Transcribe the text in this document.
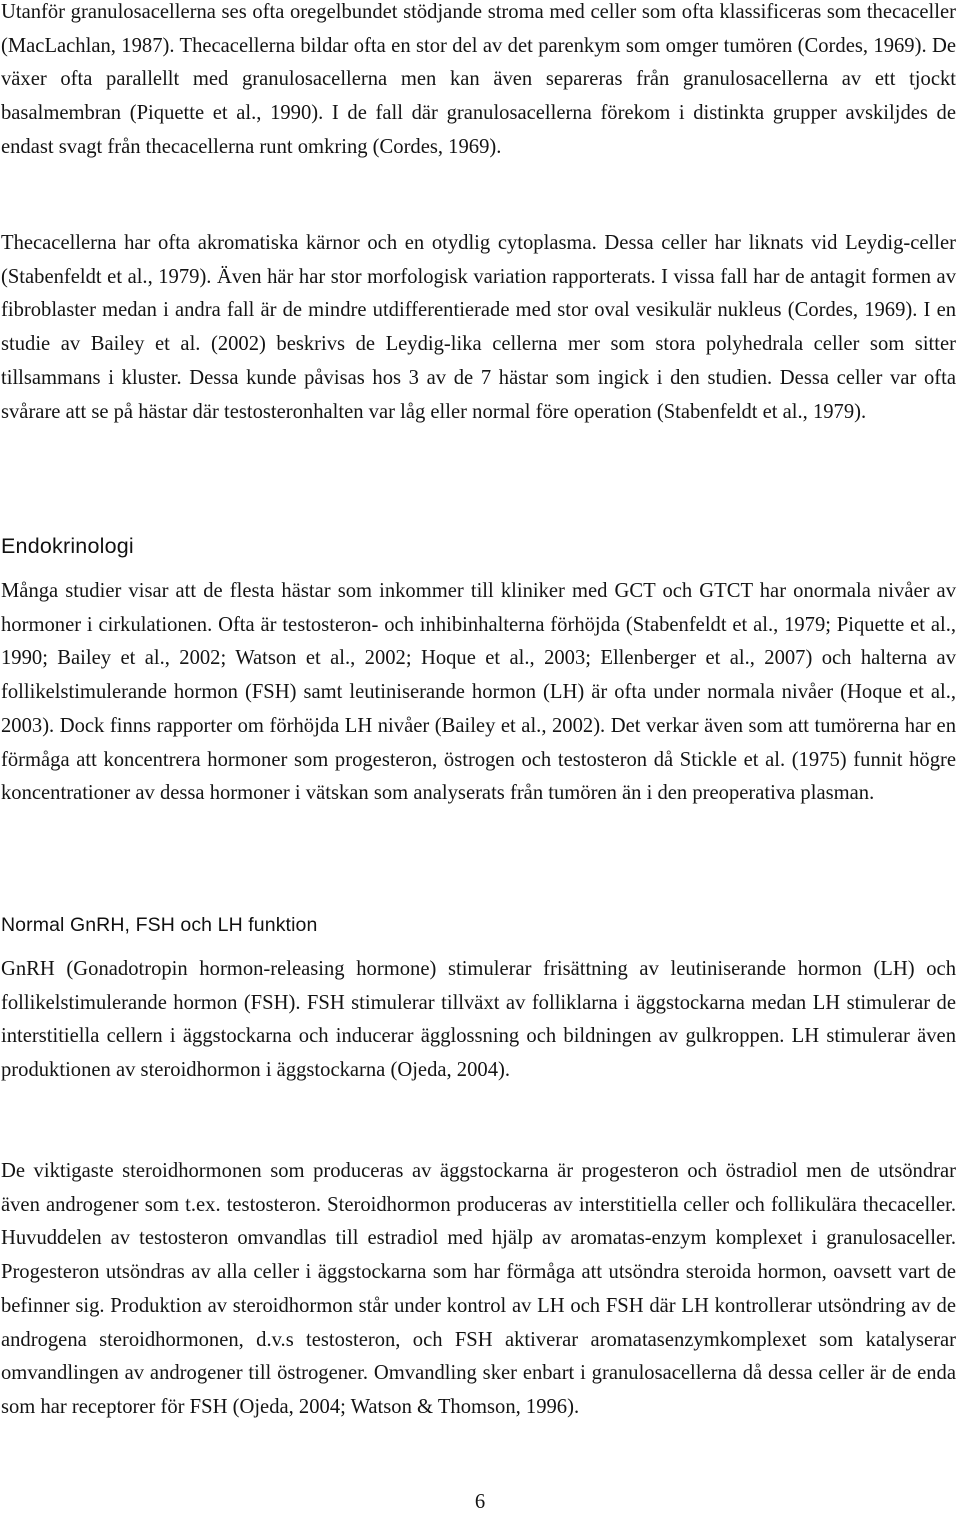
Utanför granulosacellerna ses ofta oregelbundet stödjande stroma med celler som ofta klassificeras som thecaceller (MacLachlan, 1987). Thecacellerna bildar ofta en stor del av det parenkym som omger tumören (Cordes, 1969). De växer ofta parallellt med granulosacellerna men kan även separeras från granulosacellerna av ett tjockt basalmembran (Piquette et al., 1990). I de fall där granulosacellerna förekom i distinkta grupper avskiljdes de endast svagt från thecacellerna runt omkring (Cordes, 1969).

Thecacellerna har ofta akromatiska kärnor och en otydlig cytoplasma. Dessa celler har liknats vid Leydig-celler (Stabenfeldt et al., 1979). Även här har stor morfologisk variation rapporterats. I vissa fall har de antagit formen av fibroblaster medan i andra fall är de mindre utdifferentierade med stor oval vesikulär nukleus (Cordes, 1969). I en studie av Bailey et al. (2002) beskrivs de Leydig-lika cellerna mer som stora polyhedrala celler som sitter tillsammans i kluster. Dessa kunde påvisas hos 3 av de 7 hästar som ingick i den studien. Dessa celler var ofta svårare att se på hästar där testosteronhalten var låg eller normal före operation (Stabenfeldt et al., 1979).

Endokrinologi

Många studier visar att de flesta hästar som inkommer till kliniker med GCT och GTCT har onormala nivåer av hormoner i cirkulationen. Ofta är testosteron- och inhibinhalterna förhöjda (Stabenfeldt et al., 1979; Piquette et al., 1990; Bailey et al., 2002; Watson et al., 2002; Hoque et al., 2003; Ellenberger et al., 2007) och halterna av follikelstimulerande hormon (FSH) samt leutiniserande hormon (LH) är ofta under normala nivåer (Hoque et al., 2003). Dock finns rapporter om förhöjda LH nivåer (Bailey et al., 2002). Det verkar även som att tumörerna har en förmåga att koncentrera hormoner som progesteron, östrogen och testosteron då Stickle et al. (1975) funnit högre koncentrationer av dessa hormoner i vätskan som analyserats från tumören än i den preoperativa plasman.

Normal GnRH, FSH och LH funktion

GnRH (Gonadotropin hormon-releasing hormone) stimulerar frisättning av leutiniserande hormon (LH) och follikelstimulerande hormon (FSH). FSH stimulerar tillväxt av folliklarna i äggstockarna medan LH stimulerar de interstitiella cellern i äggstockarna och inducerar ägglossning och bildningen av gulkroppen. LH stimulerar även produktionen av steroidhormon i äggstockarna (Ojeda, 2004).

De viktigaste steroidhormonen som produceras av äggstockarna är progesteron och östradiol men de utsöndrar även androgener som t.ex. testosteron. Steroidhormon produceras av interstitiella celler och follikulära thecaceller. Huvuddelen av testosteron omvandlas till estradiol med hjälp av aromatas-enzym komplexet i granulosaceller. Progesteron utsöndras av alla celler i äggstockarna som har förmåga att utsöndra steroida hormon, oavsett vart de befinner sig. Produktion av steroidhormon står under kontrol av LH och FSH där LH kontrollerar utsöndring av de androgena steroidhormonen, d.v.s testosteron, och FSH aktiverar aromatasenzymkomplexet som katalyserar omvandlingen av androgener till östrogener. Omvandling sker enbart i granulosacellerna då dessa celler är de enda som har receptorer för FSH (Ojeda, 2004; Watson & Thomson, 1996).

6
